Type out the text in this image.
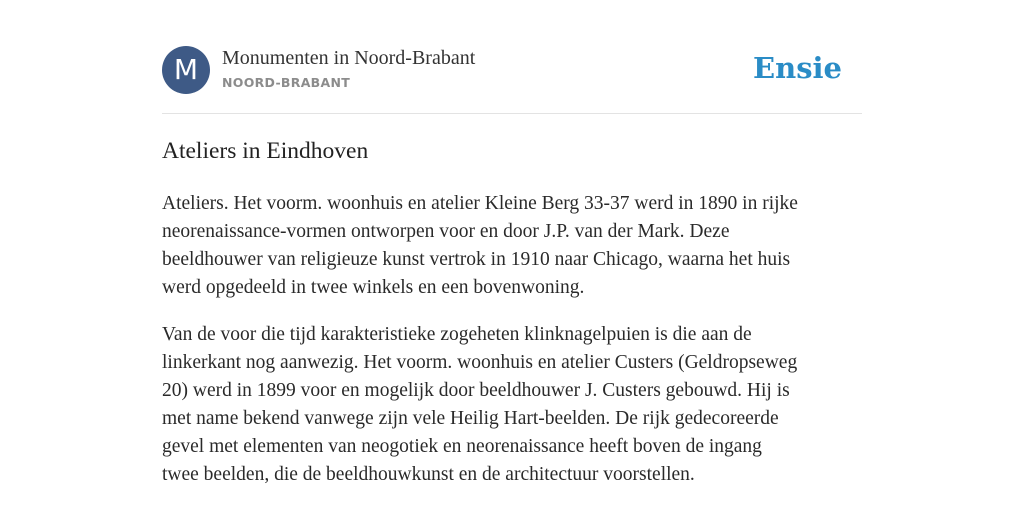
M	Monumenten in Noord-Brabant
NOORD-BRABANT	Ensie
Ateliers in Eindhoven

Ateliers. Het voorm. woonhuis en atelier Kleine Berg 33-37 werd in 1890 in rijke
neorenaissance-vormen ontworpen voor en door J.P. van der Mark. Deze
beeldhouwer van religieuze kunst vertrok in 1910 naar Chicago, waarna het huis
werd opgedeeld in twee winkels en een bovenwoning.

Van de voor die tijd karakteristieke zogeheten klinknagelpuien is die aan de
linkerkant nog aanwezig. Het voorm. woonhuis en atelier Custers (Geldropseweg
20) werd in 1899 voor en mogelijk door beeldhouwer J. Custers gebouwd. Hij is
met name bekend vanwege zijn vele Heilig Hart-beelden. De rijk gedecoreerde
gevel met elementen van neogotiek en neorenaissance heeft boven de ingang
twee beelden, die de beeldhouwkunst en de architectuur voorstellen.
